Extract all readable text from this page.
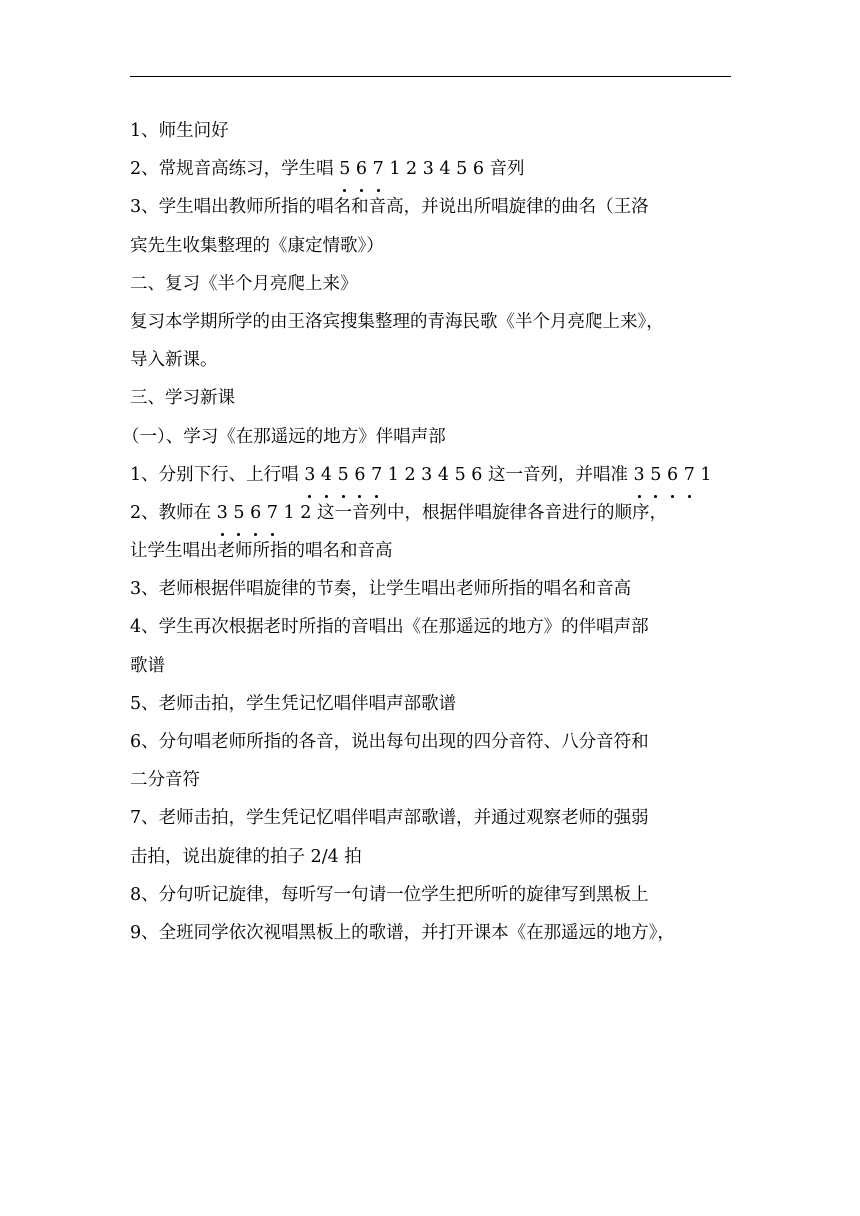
1、师生问好
2、常规音高练习，学生唱 5 6 7 1 2 3 4 5 6 音列
3、学生唱出教师所指的唱名和音高，并说出所唱旋律的曲名（王洛
宾先生收集整理的《康定情歌》）
二、复习《半个月亮爬上来》
复习本学期所学的由王洛宾搜集整理的青海民歌《半个月亮爬上来》，
导入新课。
三、学习新课
（一）、学习《在那遥远的地方》伴唱声部
1、分别下行、上行唱 3 4 5 6 7 1 2 3 4 5 6 这一音列，并唱准 3 5 6 7 1
2、教师在 3 5 6 7 1 2 这一音列中，根据伴唱旋律各音进行的顺序，
让学生唱出老师所指的唱名和音高
3、老师根据伴唱旋律的节奏，让学生唱出老师所指的唱名和音高
4、学生再次根据老时所指的音唱出《在那遥远的地方》的伴唱声部
歌谱
5、老师击拍，学生凭记忆唱伴唱声部歌谱
6、分句唱老师所指的各音，说出每句出现的四分音符、八分音符和
二分音符
7、老师击拍，学生凭记忆唱伴唱声部歌谱，并通过观察老师的强弱
击拍，说出旋律的拍子 2/4 拍
8、分句听记旋律，每听写一句请一位学生把所听的旋律写到黑板上
9、全班同学依次视唱黑板上的歌谱，并打开课本《在那遥远的地方》，
